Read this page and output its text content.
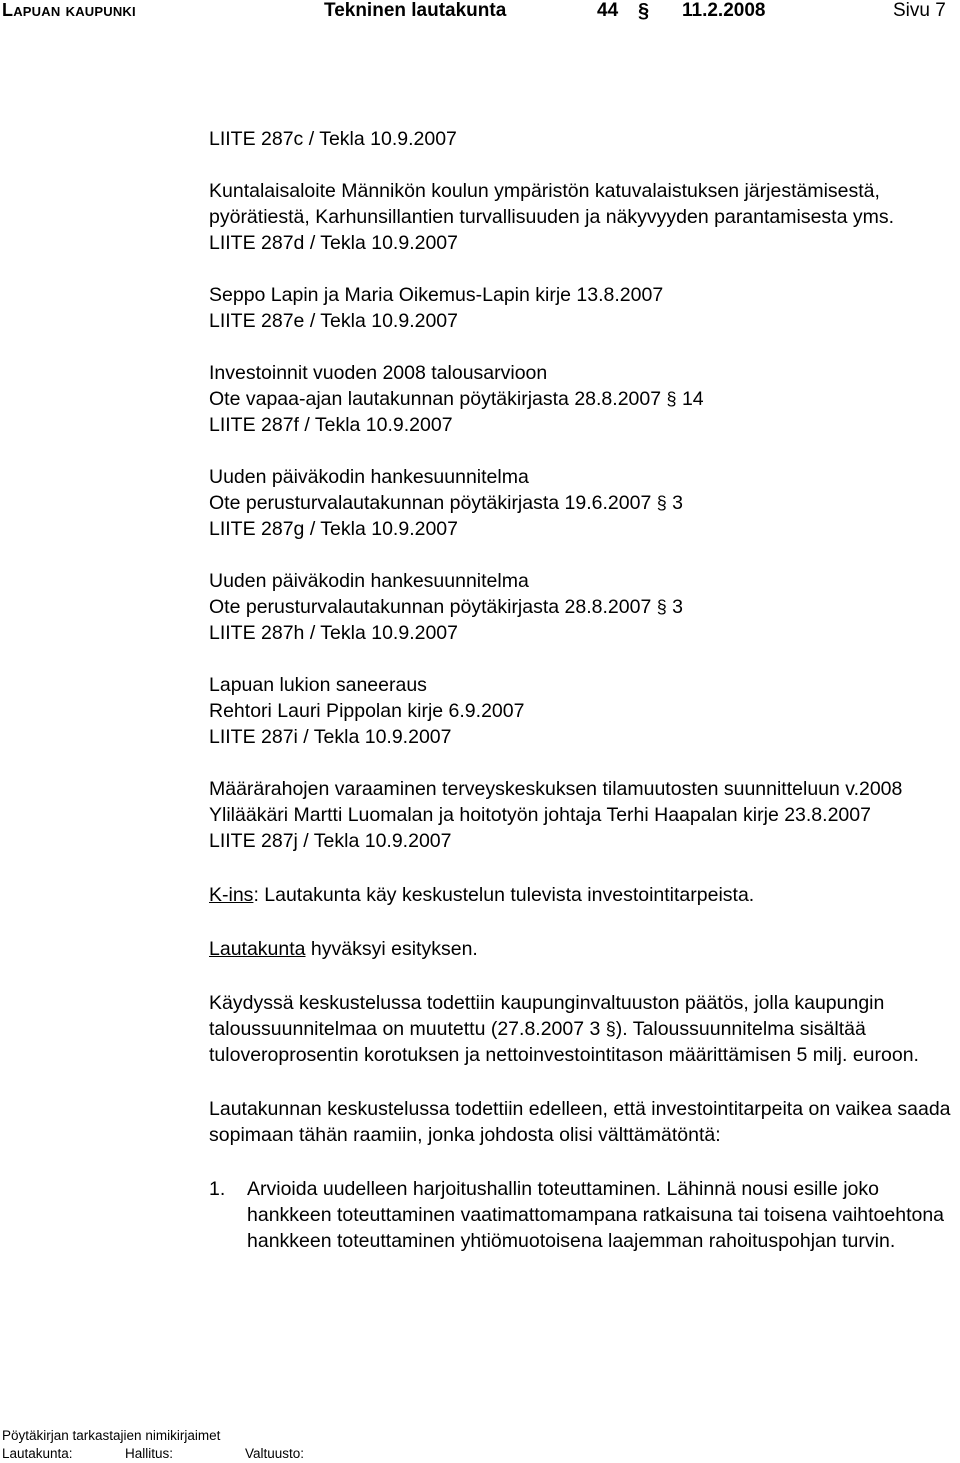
Lapuan kaupunki	Tekninen lautakunta	44 § 11.2.2008	Sivu 7

LIITE 287c / Tekla 10.9.2007

Kuntalaisaloite Männikön koulun ympäristön katuvalaistuksen järjestämisestä, pyörätiestä, Karhunsillantien turvallisuuden ja näkyvyyden parantamisesta yms.

LIITE 287d / Tekla 10.9.2007

Seppo Lapin ja Maria Oikemus-Lapin kirje 13.8.2007

LIITE 287e / Tekla 10.9.2007

Investoinnit vuoden 2008 talousarvioon

Ote vapaa-ajan lautakunnan pöytäkirjasta 28.8.2007 § 14

LIITE 287f / Tekla 10.9.2007

Uuden päiväkodin hankesuunnitelma

Ote perusturvalautakunnan pöytäkirjasta 19.6.2007 § 3

LIITE 287g / Tekla 10.9.2007

Uuden päiväkodin hankesuunnitelma

Ote perusturvalautakunnan pöytäkirjasta 28.8.2007 § 3

LIITE 287h / Tekla 10.9.2007

Lapuan lukion saneeraus

Rehtori Lauri Pippolan kirje 6.9.2007

LIITE 287i / Tekla 10.9.2007

Määrärahojen varaaminen terveyskeskuksen tilamuutosten suunnitteluun v.2008

Ylilääkäri Martti Luomalan ja hoitotyön johtaja Terhi Haapalan kirje 23.8.2007

LIITE 287j / Tekla 10.9.2007

K-ins: Lautakunta käy keskustelun tulevista investointitarpeista.

Lautakunta hyväksyi esityksen.

Käydyssä keskustelussa todettiin kaupunginvaltuuston päätös, jolla kaupungin taloussuunnitelmaa on muutettu (27.8.2007 3 §). Taloussuunnitelma sisältää tuloveroprosentin korotuksen ja nettoinvestointitason määrittämisen 5 milj. euroon.

Lautakunnan keskustelussa todettiin edelleen, että investointitarpeita on vaikea saada sopimaan tähän raamiin, jonka johdosta olisi välttämätöntä:

1. Arvioida uudelleen harjoitushallin toteuttaminen. Lähinnä nousi esille joko hankkeen toteuttaminen vaatimattomampana ratkaisuna tai toisena vaihtoehtona hankkeen toteuttaminen yhtiömuotoisena laajemman rahoituspohjan turvin.

Pöytäkirjan tarkastajien nimikirjaimet
Lautakunta:	Hallitus:	Valtuusto:
